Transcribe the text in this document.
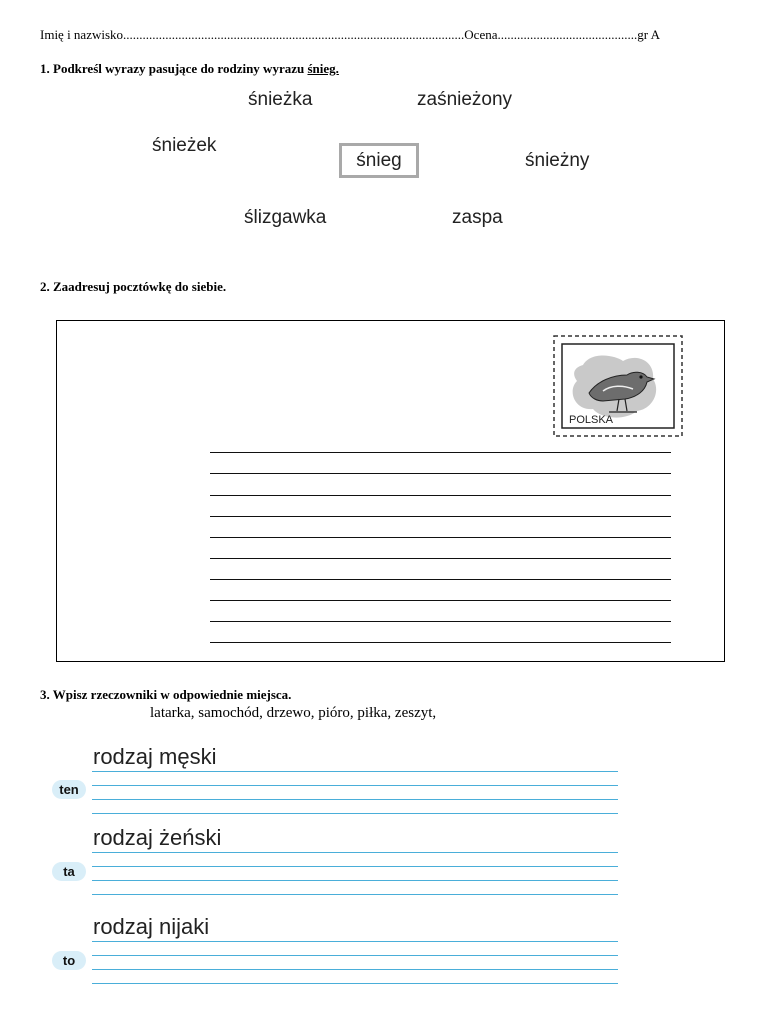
Imię i nazwisko.........................................................................................................Ocena...........................................gr A
1. Podkreśl wyrazy pasujące do rodziny wyrazu śnieg.
śnieżka	zaśnieżony
śnieżek
śnieg	śnieżny
ślizgawka	zaspa
2. Zaadresuj pocztówkę do siebie.
POLSKA
3. Wpisz rzeczowniki w odpowiednie miejsca.
latarka, samochód, drzewo, pióro, piłka, zeszyt,
rodzaj męski
ten
rodzaj żeński
ta
rodzaj nijaki
to
